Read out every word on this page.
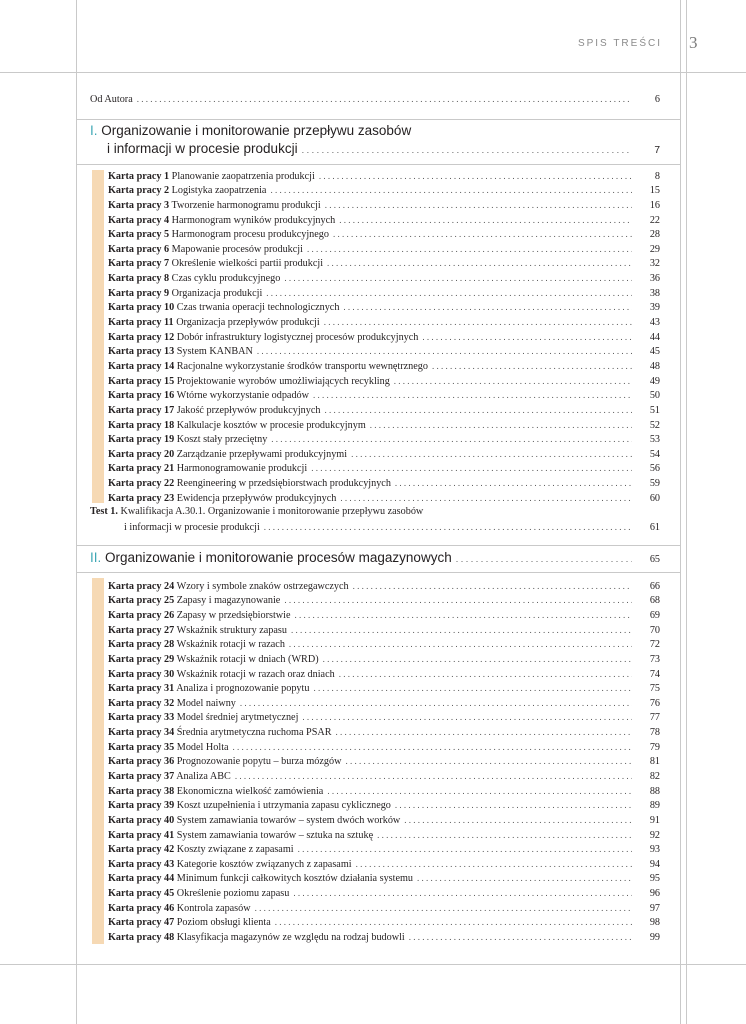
SPIS TREŚCI 3
Od Autora . . .	6
I. Organizowanie i monitorowanie przepływu zasobów
i informacji w procesie produkcji . . .	7
Karta pracy 1 Planowanie zaopatrzenia produkcji . . .	8
Karta pracy 2 Logistyka zaopatrzenia . . .	15
Karta pracy 3 Tworzenie harmonogramu produkcji . . .	16
Karta pracy 4 Harmonogram wyników produkcyjnych . . .	22
Karta pracy 5 Harmonogram procesu produkcyjnego . . .	28
Karta pracy 6 Mapowanie procesów produkcji . . .	29
Karta pracy 7 Określenie wielkości partii produkcji . . .	32
Karta pracy 8 Czas cyklu produkcyjnego . . .	36
Karta pracy 9 Organizacja produkcji . . .	38
Karta pracy 10 Czas trwania operacji technologicznych . . .	39
Karta pracy 11 Organizacja przepływów produkcji . . .	43
Karta pracy 12 Dobór infrastruktury logistycznej procesów produkcyjnych . . .	44
Karta pracy 13 System KANBAN . . .	45
Karta pracy 14 Racjonalne wykorzystanie środków transportu wewnętrznego . . .	48
Karta pracy 15 Projektowanie wyrobów umożliwiających recykling . . .	49
Karta pracy 16 Wtórne wykorzystanie odpadów . . .	50
Karta pracy 17 Jakość przepływów produkcyjnych . . .	51
Karta pracy 18 Kalkulacje kosztów w procesie produkcyjnym . . .	52
Karta pracy 19 Koszt stały przeciętny . . .	53
Karta pracy 20 Zarządzanie przepływami produkcyjnymi . . .	54
Karta pracy 21 Harmonogramowanie produkcji . . .	56
Karta pracy 22 Reengineering w przedsiębiorstwach produkcyjnych . . .	59
Karta pracy 23 Ewidencja przepływów produkcyjnych . . .	60
Test 1. Kwalifikacja A.30.1. Organizowanie i monitorowanie przepływu zasobów
i informacji w procesie produkcji . . .	61
II. Organizowanie i monitorowanie procesów magazynowych . . .	65
Karta pracy 24 Wzory i symbole znaków ostrzegawczych . . .	66
Karta pracy 25 Zapasy i magazynowanie . . .	68
Karta pracy 26 Zapasy w przedsiębiorstwie . . .	69
Karta pracy 27 Wskaźnik struktury zapasu . . .	70
Karta pracy 28 Wskaźnik rotacji w razach . . .	72
Karta pracy 29 Wskaźnik rotacji w dniach (WRD) . . .	73
Karta pracy 30 Wskaźnik rotacji w razach oraz dniach . . .	74
Karta pracy 31 Analiza i prognozowanie popytu . . .	75
Karta pracy 32 Model naiwny . . .	76
Karta pracy 33 Model średniej arytmetycznej . . .	77
Karta pracy 34 Średnia arytmetyczna ruchoma PSAR . . .	78
Karta pracy 35 Model Holta . . .	79
Karta pracy 36 Prognozowanie popytu – burza mózgów . . .	81
Karta pracy 37 Analiza ABC . . .	82
Karta pracy 38 Ekonomiczna wielkość zamówienia . . .	88
Karta pracy 39 Koszt uzupełnienia i utrzymania zapasu cyklicznego . . .	89
Karta pracy 40 System zamawiania towarów – system dwóch worków . . .	91
Karta pracy 41 System zamawiania towarów – sztuka na sztukę . . .	92
Karta pracy 42 Koszty związane z zapasami . . .	93
Karta pracy 43 Kategorie kosztów związanych z zapasami . . .	94
Karta pracy 44 Minimum funkcji całkowitych kosztów działania systemu . . .	95
Karta pracy 45 Określenie poziomu zapasu . . .	96
Karta pracy 46 Kontrola zapasów . . .	97
Karta pracy 47 Poziom obsługi klienta . . .	98
Karta pracy 48 Klasyfikacja magazynów ze względu na rodzaj budowli . . .	99
